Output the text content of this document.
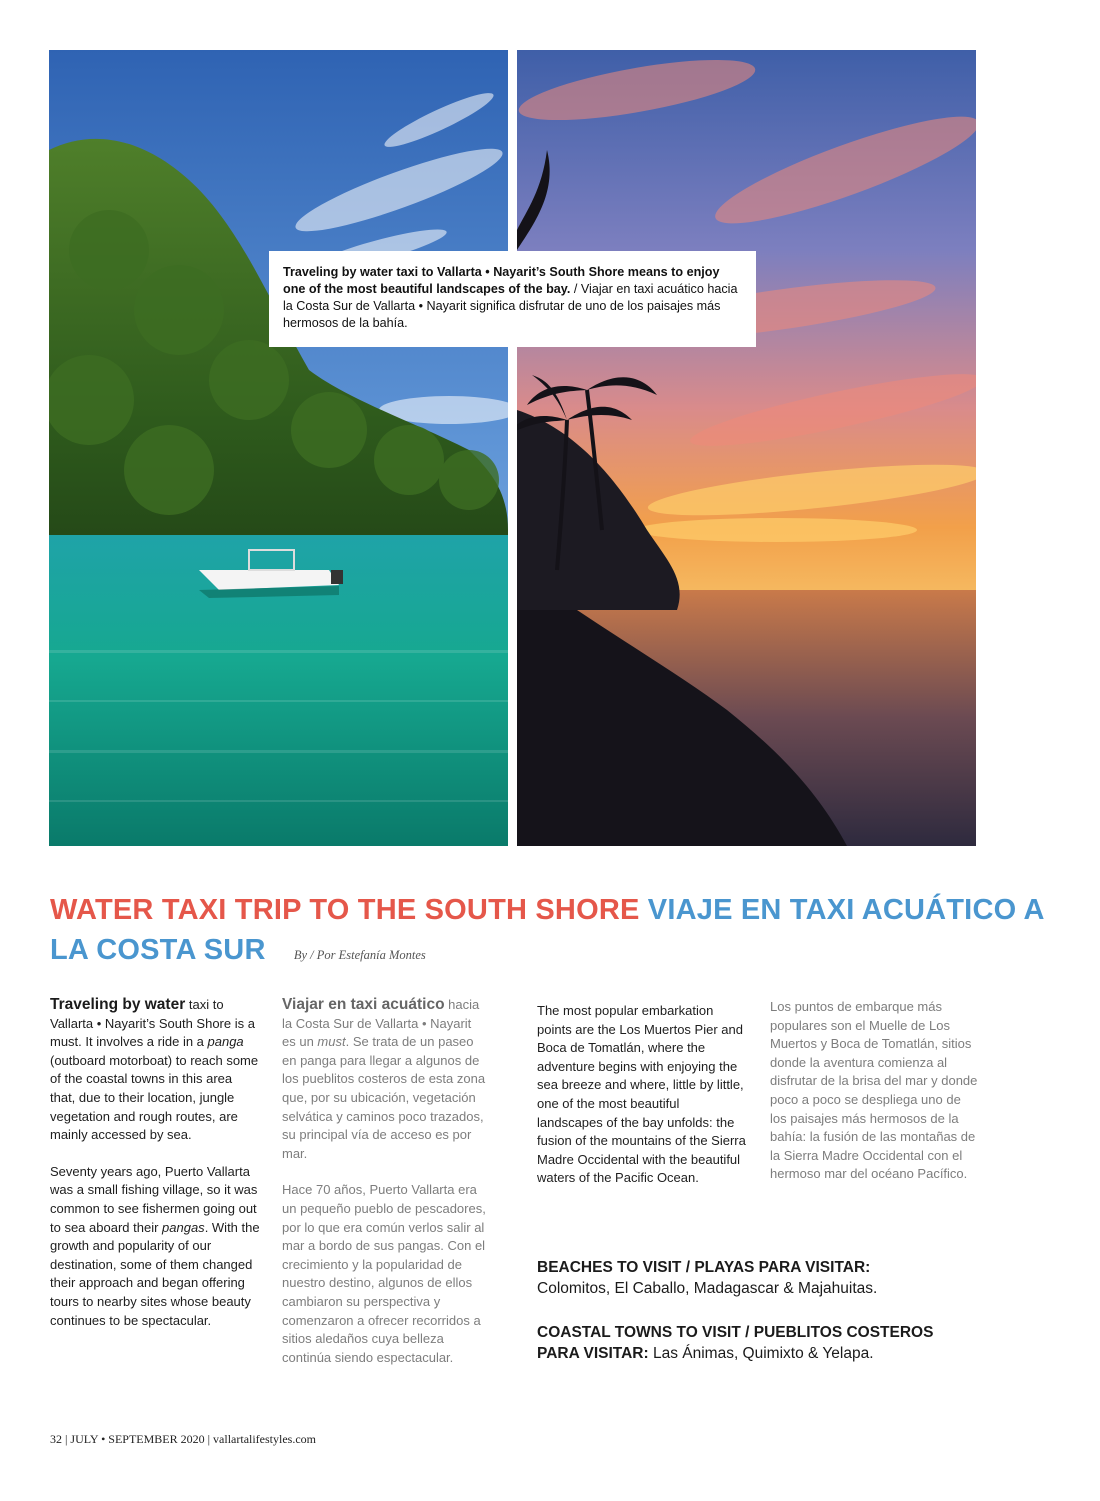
Traveling by water taxi to Vallarta • Nayarit’s South Shore means to enjoy one of the most beautiful landscapes of the bay. / Viajar en taxi acuático hacia la Costa Sur de Vallarta • Nayarit significa disfrutar de uno de los paisajes más hermosos de la bahía.
WATER TAXI TRIP TO THE SOUTH SHORE VIAJE EN TAXI ACUÁTICO A LA COSTA SUR By / Por Estefanía Montes

Traveling by water taxi to Vallarta • Nayarit’s South Shore is a must. It involves a ride in a panga (outboard motorboat) to reach some of the coastal towns in this area that, due to their location, jungle vegetation and rough routes, are mainly accessed by sea.

Seventy years ago, Puerto Vallarta was a small fishing village, so it was common to see fishermen going out to sea aboard their pangas. With the growth and popularity of our destination, some of them changed their approach and began offering tours to nearby sites whose beauty continues to be spectacular.

Viajar en taxi acuático hacia la Costa Sur de Vallarta • Nayarit es un must. Se trata de un paseo en panga para llegar a algunos de los pueblitos costeros de esta zona que, por su ubicación, vegetación selvática y caminos poco trazados, su principal vía de acceso es por mar.

Hace 70 años, Puerto Vallarta era un pequeño pueblo de pescadores, por lo que era común verlos salir al mar a bordo de sus pangas. Con el crecimiento y la popularidad de nuestro destino, algunos de ellos cambiaron su perspectiva y comenzaron a ofrecer recorridos a sitios aledaños cuya belleza continúa siendo espectacular.

The most popular embarkation points are the Los Muertos Pier and Boca de Tomatlán, where the adventure begins with enjoying the sea breeze and where, little by little, one of the most beautiful landscapes of the bay unfolds: the fusion of the mountains of the Sierra Madre Occidental with the beautiful waters of the Pacific Ocean.

Los puntos de embarque más populares son el Muelle de Los Muertos y Boca de Tomatlán, sitios donde la aventura comienza al disfrutar de la brisa del mar y donde poco a poco se despliega uno de los paisajes más hermosos de la bahía: la fusión de las montañas de la Sierra Madre Occidental con el hermoso mar del océano Pacífico.

BEACHES TO VISIT / PLAYAS PARA VISITAR:
Colomitos, El Caballo, Madagascar & Majahuitas.
COASTAL TOWNS TO VISIT / PUEBLITOS COSTEROS
PARA VISITAR: Las Ánimas, Quimixto & Yelapa.
32 | JULY • SEPTEMBER 2020 | vallartalifestyles.com
